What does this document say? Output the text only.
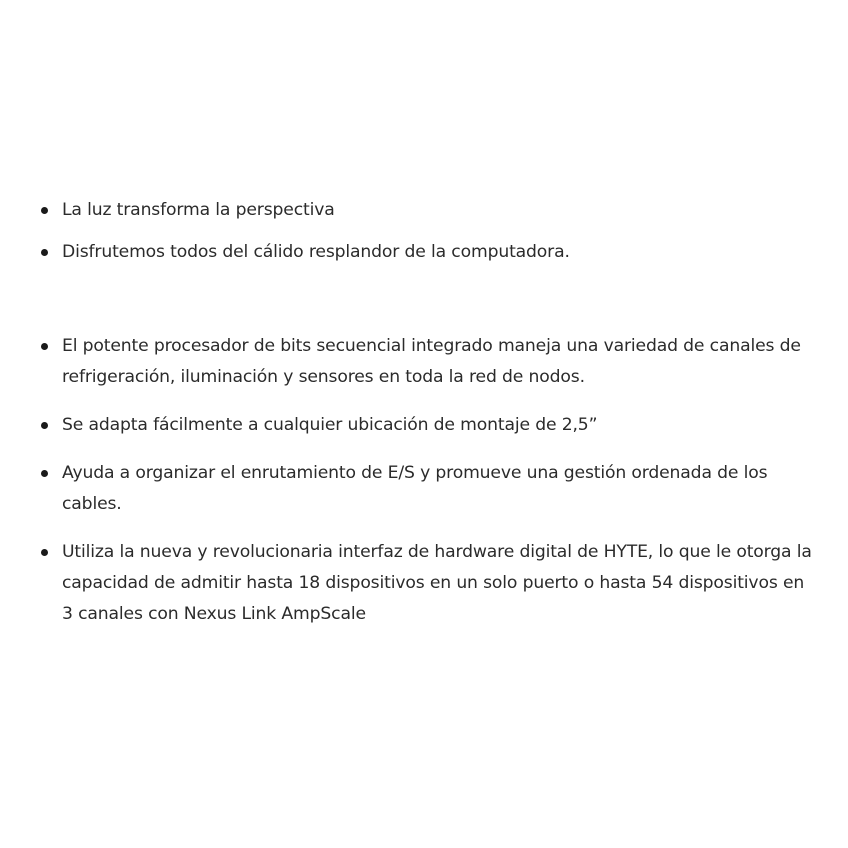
La luz transforma la perspectiva
Disfrutemos todos del cálido resplandor de la computadora.
El potente procesador de bits secuencial integrado maneja una variedad de canales de refrigeración, iluminación y sensores en toda la red de nodos.
Se adapta fácilmente a cualquier ubicación de montaje de 2,5”
Ayuda a organizar el enrutamiento de E/S y promueve una gestión ordenada de los cables.
Utiliza la nueva y revolucionaria interfaz de hardware digital de HYTE, lo que le otorga la capacidad de admitir hasta 18 dispositivos en un solo puerto o hasta 54 dispositivos en 3 canales con Nexus Link AmpScale
